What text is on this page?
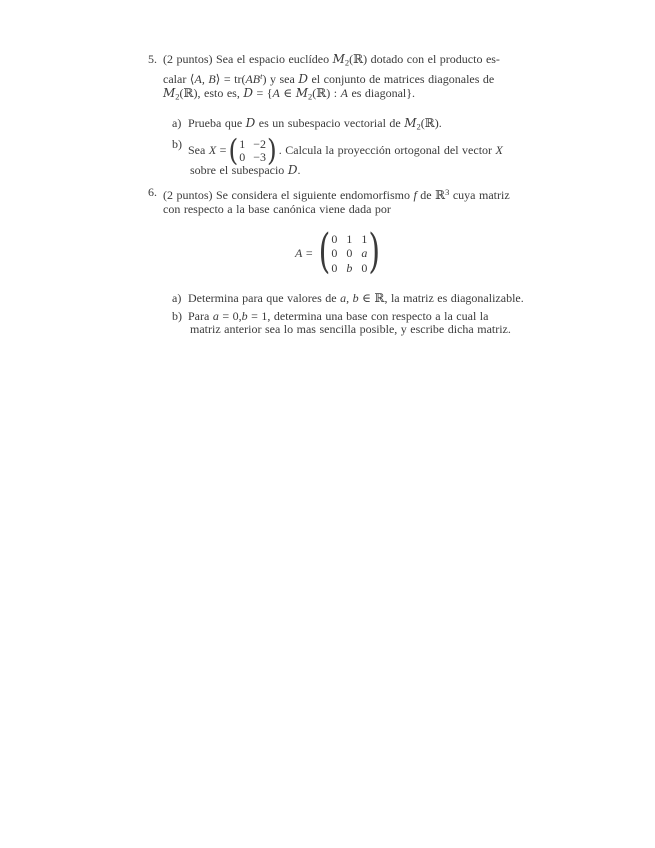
5. (2 puntos) Sea el espacio euclídeo $M_2(ℝ)$ dotado con el producto es-

calar ⟨A, B⟩ = $tr(AB^t)$ y sea D el conjunto de matrices diagonales de

$M_2(ℝ)$, esto es, D = {A ∈ $M_2(ℝ)$ : A es diagonal}.

a) Prueba que D es un subespacio vectorial de $M_2(ℝ)$.
b) Sea X = ( 1 −2
0 −3 ) . Calcula la proyección ortogonal del vector X
sobre el subespacio D.
6. (2 puntos) Se considera el siguiente endomorfismo f de ℝ$^3$ cuya matriz

con respecto a la base canónica viene dada por

A = ( 0 1 1
0 0 a
0 b 0 )
a) Determina para que valores de a, b ∈ ℝ, la matriz es diagonalizable.
b) Para a = 0,b = 1, determina una base con respecto a la cual la
matriz anterior sea lo mas sencilla posible, y escribe dicha matriz.
